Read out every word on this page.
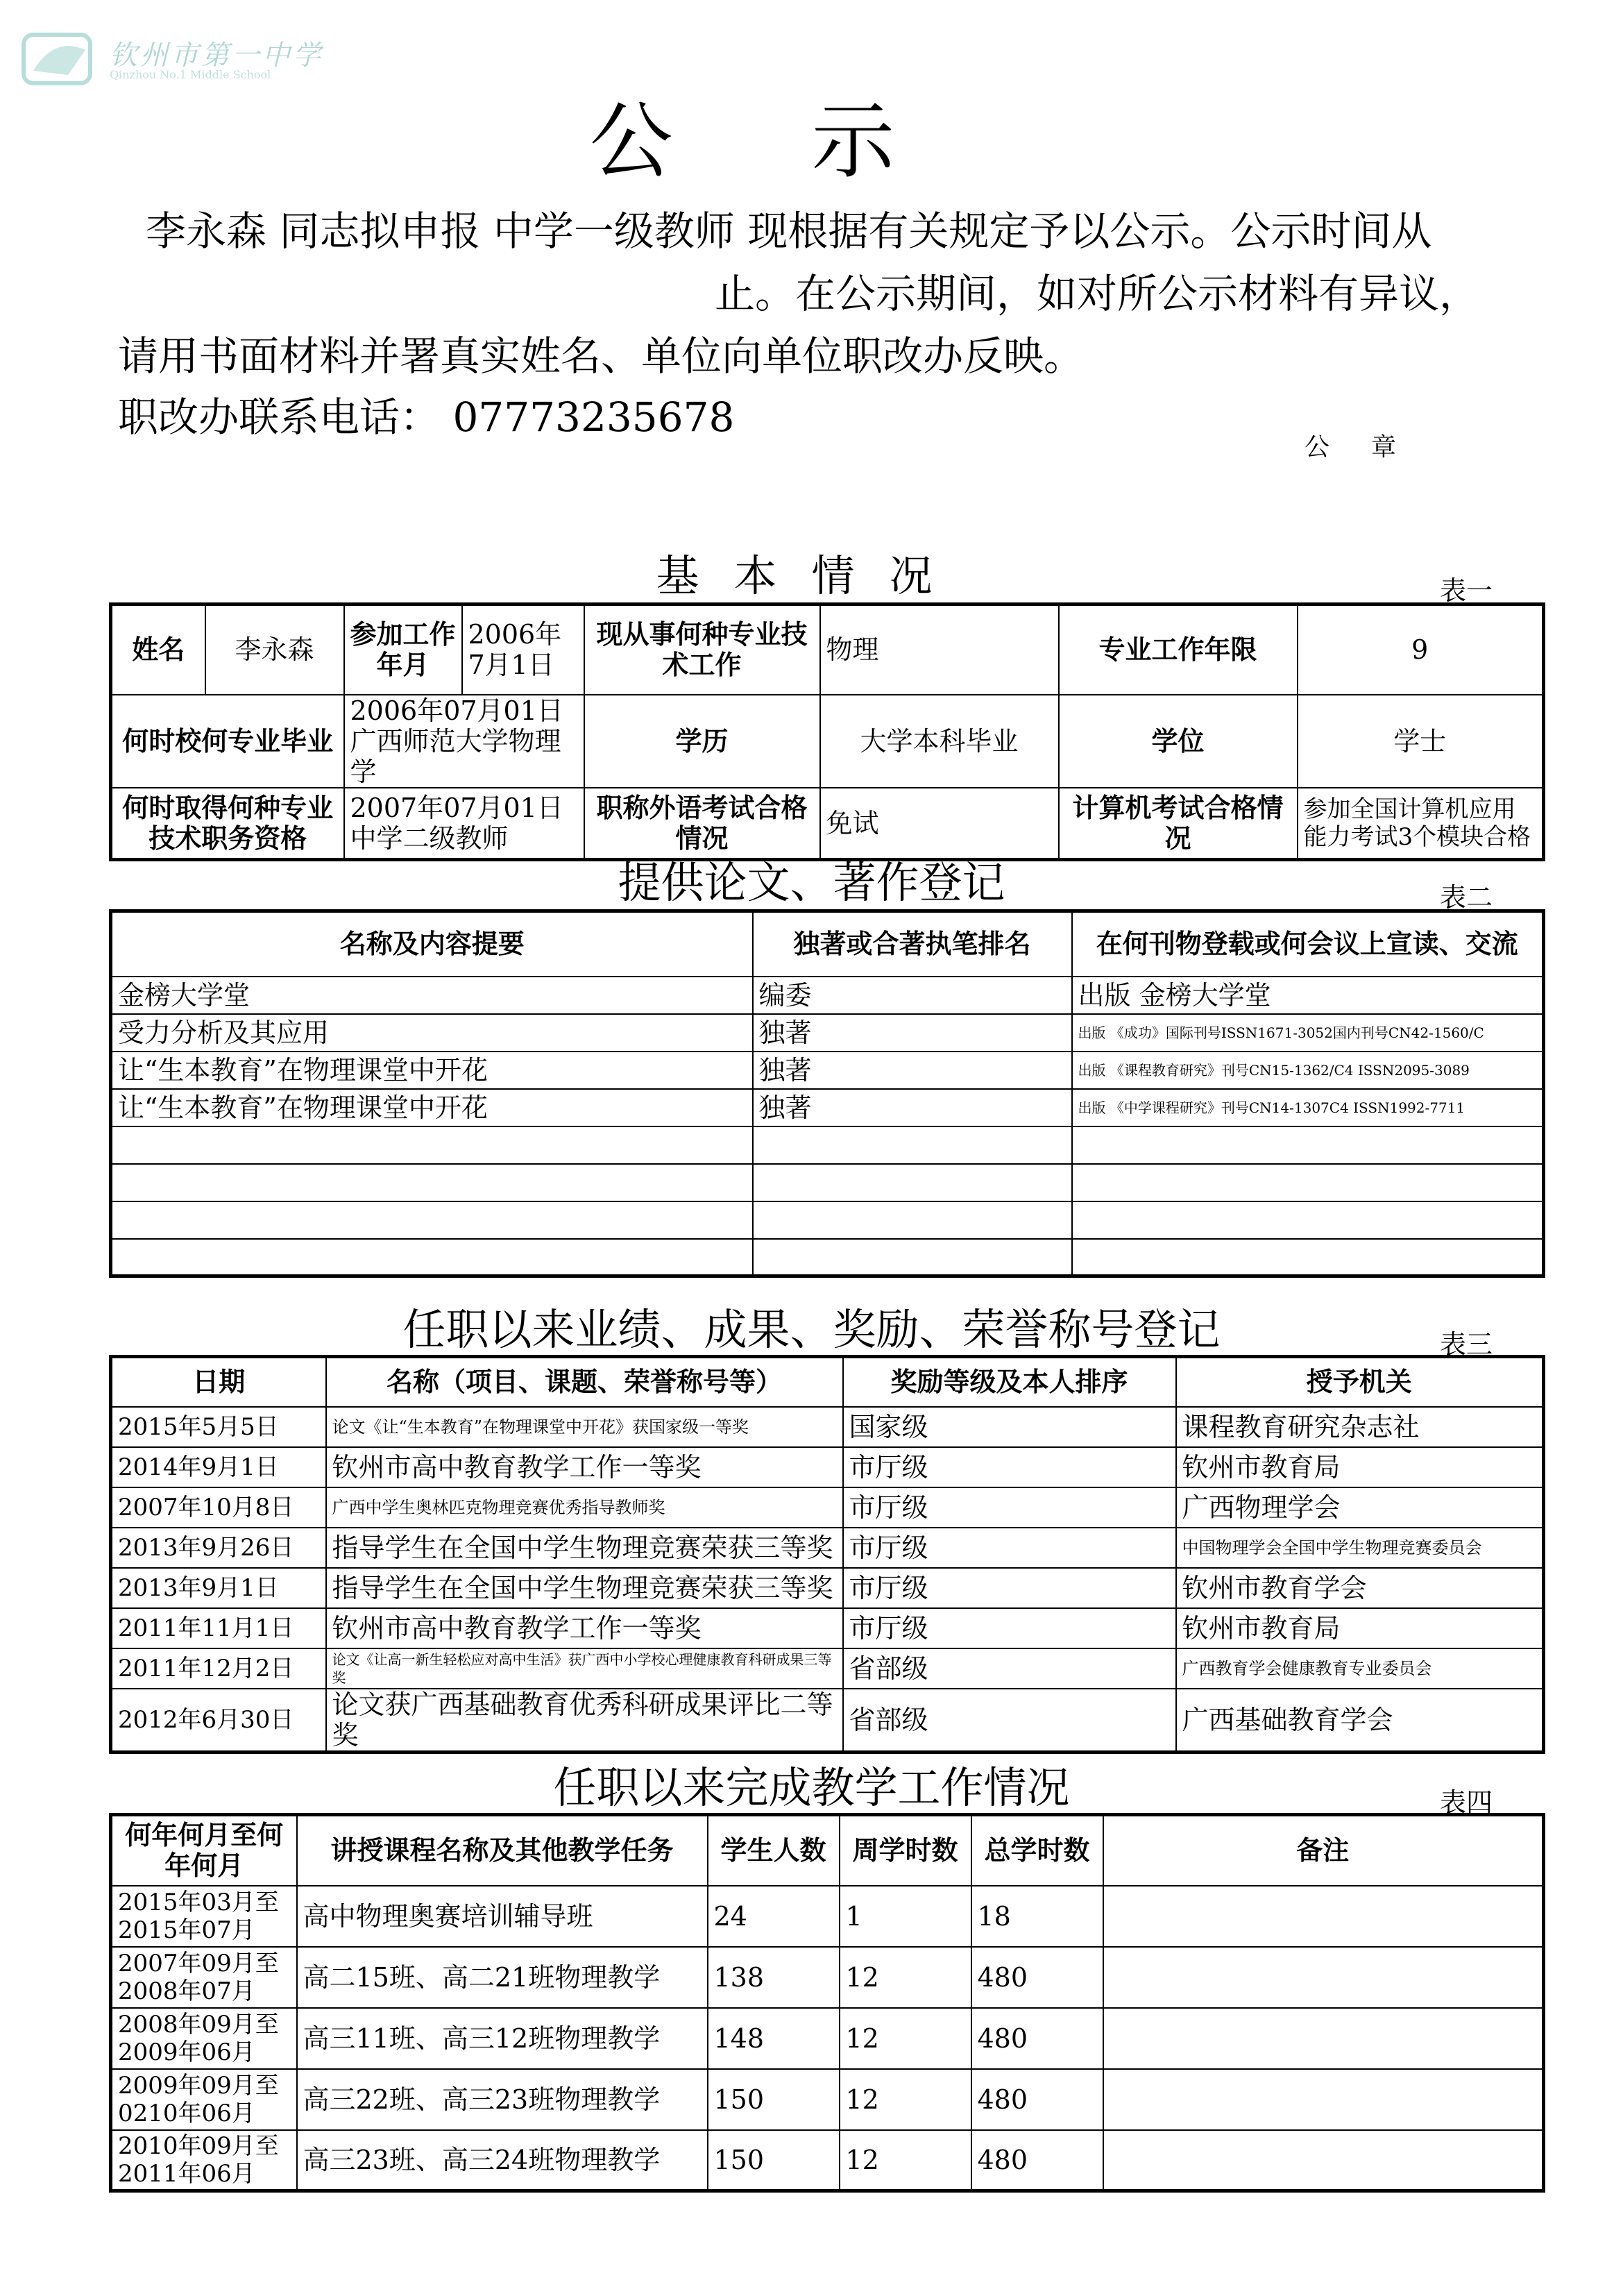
钦州市第一中学
Qinzhou No.1 Middle School
公示
李永森 同志拟申报 中学一级教师 现根据有关规定予以公示。公示时间从
止。在公示期间，如对所公示材料有异议，
请用书面材料并署真实姓名、单位向单位职改办反映。
职改办联系电话： 07773235678
公章
基本情况	表一
姓名	李永森	参加工作年月	2006年7月1日	现从事何种专业技术工作	物理	专业工作年限	9
何时校何专业毕业		2006年07月01日广西师范大学物理学		学历	大学本科毕业	学位	学士
何时取得何种专业技术职务资格		2007年07月01日中学二级教师		职称外语考试合格情况	免试	计算机考试合格情况	参加全国计算机应用能力考试3个模块合格
提供论文、著作登记	表二
名称及内容提要	独著或合著执笔排名	在何刊物登载或何会议上宣读、交流
金榜大学堂	编委	出版 金榜大学堂
受力分析及其应用	独著	出版 《成功》国际刊号ISSN1671-3052国内刊号CN42-1560/C
让“生本教育”在物理课堂中开花	独著	出版 《课程教育研究》刊号CN15-1362/C4 ISSN2095-3089
让“生本教育”在物理课堂中开花	独著	出版 《中学课程研究》刊号CN14-1307C4 ISSN1992-7711

任职以来业绩、成果、奖励、荣誉称号登记	表三
日期	名称（项目、课题、荣誉称号等）	奖励等级及本人排序	授予机关
2015年5月5日	论文《让“生本教育”在物理课堂中开花》获国家级一等奖	国家级	课程教育研究杂志社
2014年9月1日	钦州市高中教育教学工作一等奖	市厅级	钦州市教育局
2007年10月8日	广西中学生奥林匹克物理竞赛优秀指导教师奖	市厅级	广西物理学会
2013年9月26日	指导学生在全国中学生物理竞赛荣获三等奖	市厅级	中国物理学会全国中学生物理竞赛委员会
2013年9月1日	指导学生在全国中学生物理竞赛荣获三等奖	市厅级	钦州市教育学会
2011年11月1日	钦州市高中教育教学工作一等奖	市厅级	钦州市教育局
2011年12月2日	论文《让高一新生轻松应对高中生活》获广西中小学校心理健康教育科研成果三等奖	省部级	广西教育学会健康教育专业委员会
2012年6月30日	论文获广西基础教育优秀科研成果评比二等奖	省部级	广西基础教育学会
任职以来完成教学工作情况	表四
何年何月至何年何月	讲授课程名称及其他教学任务	学生人数	周学时数	总学时数	备注
2015年03月至2015年07月	高中物理奥赛培训辅导班	24	1	18	
2007年09月至2008年07月	高二15班、高二21班物理教学	138	12	480	
2008年09月至2009年06月	高三11班、高三12班物理教学	148	12	480	
2009年09月至0210年06月	高三22班、高三23班物理教学	150	12	480	
2010年09月至2011年06月	高三23班、高三24班物理教学	150	12	480	
